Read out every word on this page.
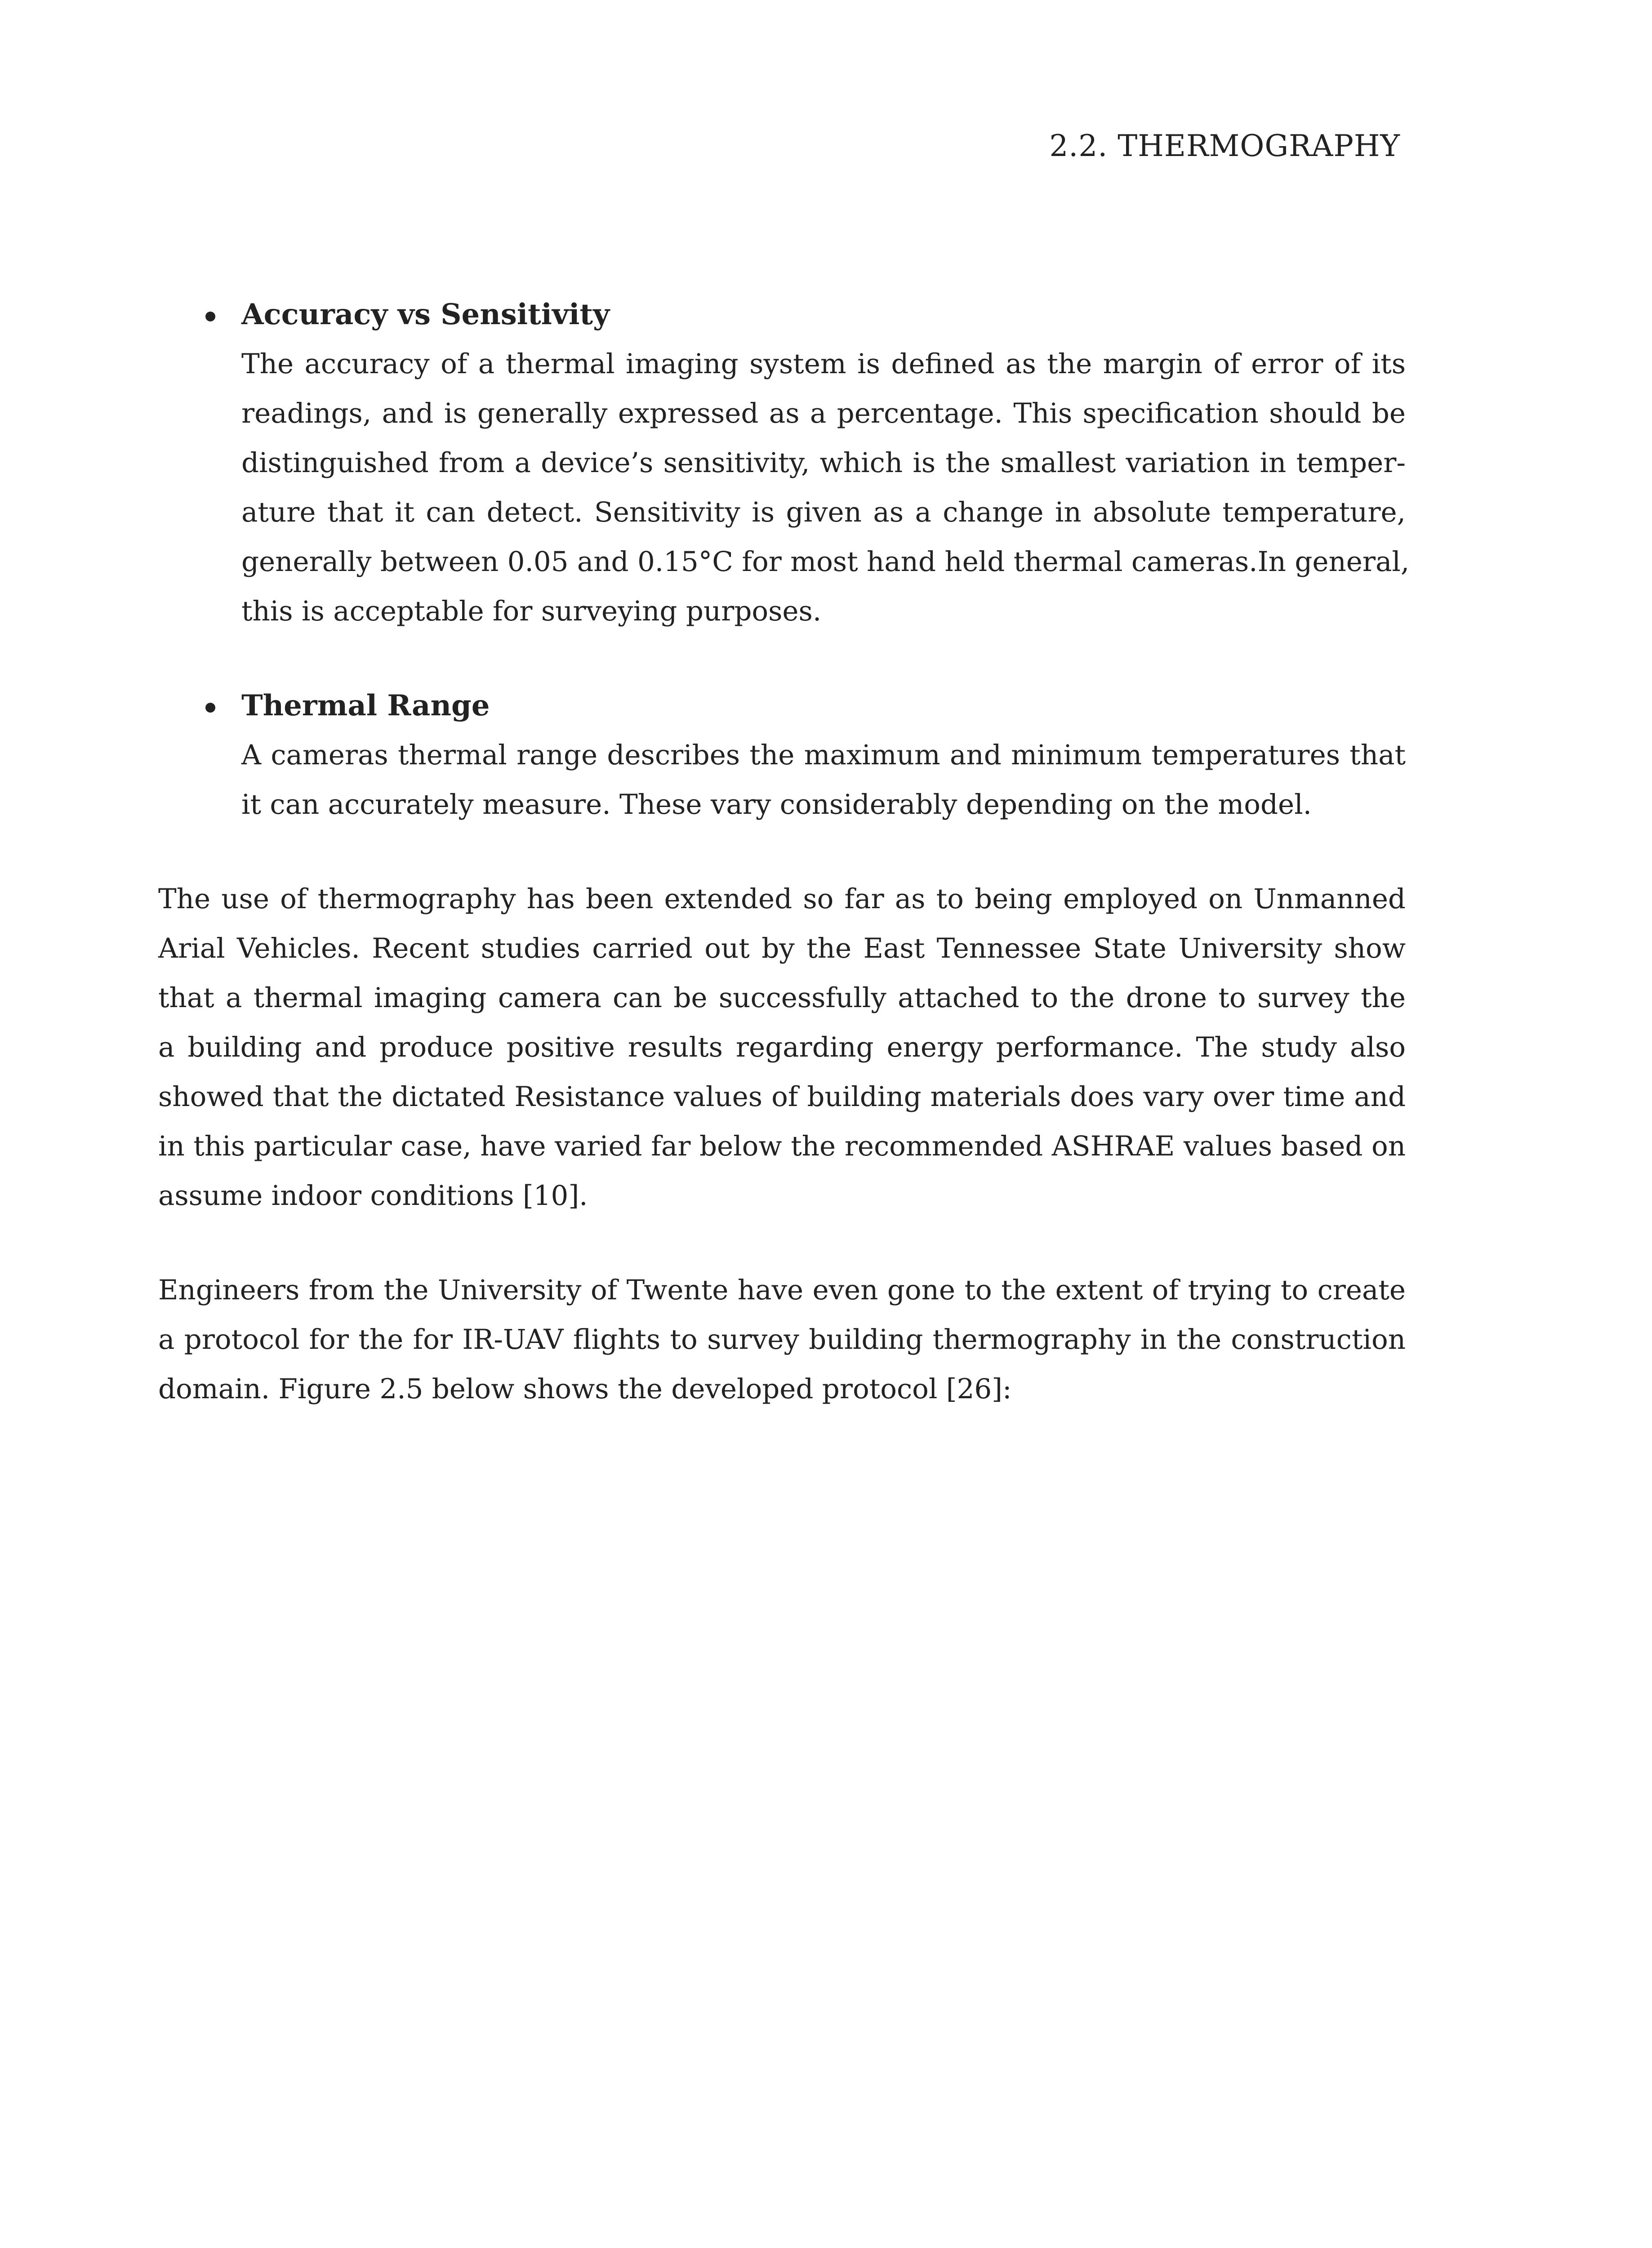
2.2. THERMOGRAPHY
Accuracy vs Sensitivity
The accuracy of a thermal imaging system is defined as the margin of error of its
readings, and is generally expressed as a percentage. This specification should be
distinguished from a device’s sensitivity, which is the smallest variation in temper-
ature that it can detect. Sensitivity is given as a change in absolute temperature,
generally between 0.05 and 0.15°C for most hand held thermal cameras.In general,
this is acceptable for surveying purposes.
Thermal Range
A cameras thermal range describes the maximum and minimum temperatures that
it can accurately measure. These vary considerably depending on the model.
The use of thermography has been extended so far as to being employed on Unmanned
Arial Vehicles. Recent studies carried out by the East Tennessee State University show
that a thermal imaging camera can be successfully attached to the drone to survey the
a building and produce positive results regarding energy performance. The study also
showed that the dictated Resistance values of building materials does vary over time and
in this particular case, have varied far below the recommended ASHRAE values based on
assume indoor conditions [10].
Engineers from the University of Twente have even gone to the extent of trying to create
a protocol for the for IR-UAV flights to survey building thermography in the construction
domain. Figure 2.5 below shows the developed protocol [26]:
